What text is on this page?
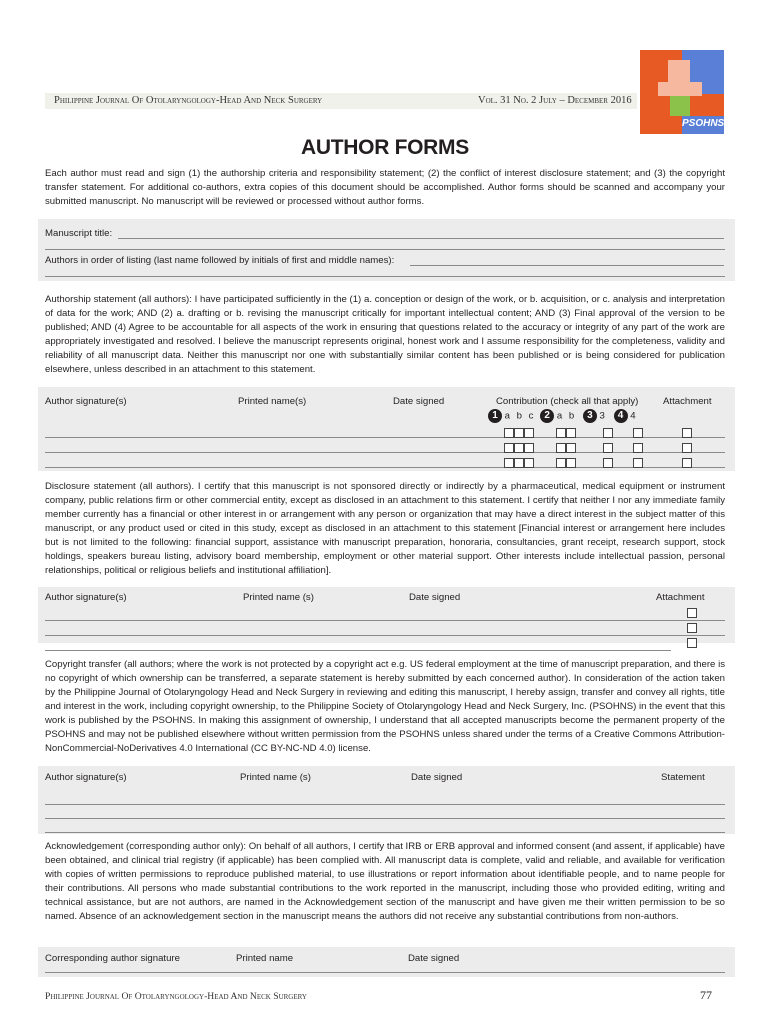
Philippine Journal Of Otolaryngology-Head And Neck Surgery	Vol. 31 No. 2 July – December 2016
PSOHNS
AUTHOR FORMS
Each author must read and sign (1) the authorship criteria and responsibility statement; (2) the conflict of interest disclosure statement; and (3) the copyright transfer statement. For additional co-authors, extra copies of this document should be accomplished. Author forms should be scanned and accompany your submitted manuscript. No manuscript will be reviewed or processed without author forms.
Manuscript title:
Authors in order of listing (last name followed by initials of first and middle names):
Authorship statement (all authors): I have participated sufficiently in the (1) a. conception or design of the work, or b. acquisition, or c. analysis and interpretation of data for the work; AND (2) a. drafting or b. revising the manuscript critically for important intellectual content; AND (3) Final approval of the version to be published; AND (4) Agree to be accountable for all aspects of the work in ensuring that questions related to the accuracy or integrity of any part of the work are appropriately investigated and resolved. I believe the manuscript represents original, honest work and I assume responsibility for the completeness, validity and reliability of all manuscript data. Neither this manuscript nor one with substantially similar content has been published or is being considered for publication elsewhere, unless described in an attachment to this statement.
Author signature(s)	Printed name(s)	Date signed	Contribution (check all that apply)	Attachment
1 a b c 2 a b 3 3 4 4

Disclosure statement (all authors). I certify that this manuscript is not sponsored directly or indirectly by a pharmaceutical, medical equipment or instrument company, public relations firm or other commercial entity, except as disclosed in an attachment to this statement. I certify that neither I nor any immediate family member currently has a financial or other interest in or arrangement with any person or organization that may have a direct interest in the subject matter of this manuscript, or any product used or cited in this study, except as disclosed in an attachment to this statement [Financial interest or arrangement here includes but is not limited to the following: financial support, assistance with manuscript preparation, honoraria, consultancies, grant receipt, research support, stock holdings, speakers bureau listing, advisory board membership, employment or other material support. Other interests include intellectual passion, personal relationships, political or religious beliefs and institutional affiliation].
Author signature(s)	Printed name (s)	Date signed	Attachment
Copyright transfer (all authors; where the work is not protected by a copyright act e.g. US federal employment at the time of manuscript preparation, and there is no copyright of which ownership can be transferred, a separate statement is hereby submitted by each concerned author). In consideration of the action taken by the Philippine Journal of Otolaryngology Head and Neck Surgery in reviewing and editing this manuscript, I hereby assign, transfer and convey all rights, title and interest in the work, including copyright ownership, to the Philippine Society of Otolaryngology Head and Neck Surgery, Inc. (PSOHNS) in the event that this work is published by the PSOHNS. In making this assignment of ownership, I understand that all accepted manuscripts become the permanent property of the PSOHNS and may not be published elsewhere without written permission from the PSOHNS unless shared under the terms of a Creative Commons Attribution-NonCommercial-NoDerivatives 4.0 International (CC BY-NC-ND 4.0) license.
Author signature(s)	Printed name (s)	Date signed	Statement
Acknowledgement (corresponding author only): On behalf of all authors, I certify that IRB or ERB approval and informed consent (and assent, if applicable) have been obtained, and clinical trial registry (if applicable) has been complied with. All manuscript data is complete, valid and reliable, and available for verification with copies of written permissions to reproduce published material, to use illustrations or report information about identifiable people, and to name people for their contributions. All persons who made substantial contributions to the work reported in the manuscript, including those who provided editing, writing and technical assistance, but are not authors, are named in the Acknowledgement section of the manuscript and have given me their written permission to be so named. Absence of an acknowledgement section in the manuscript means the authors did not receive any substantial contributions from non-authors.
Corresponding author signature	Printed name	Date signed
Philippine Journal Of Otolaryngology-Head And Neck Surgery	77
